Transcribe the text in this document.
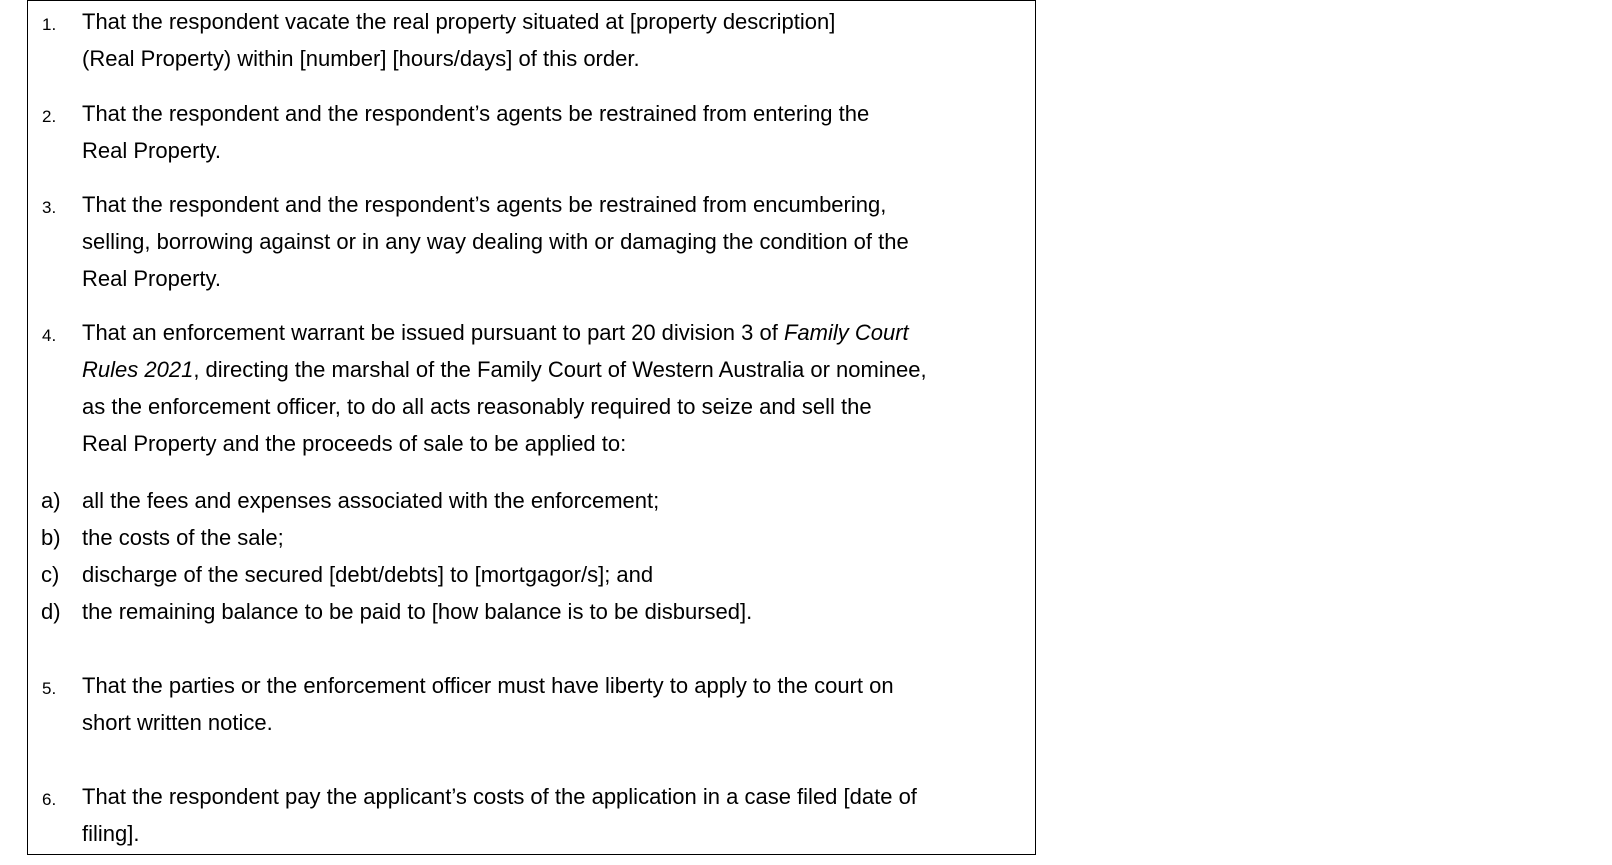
1. That the respondent vacate the real property situated at [property description]
(Real Property) within [number] [hours/days] of this order.
2. That the respondent and the respondent’s agents be restrained from entering the
Real Property.
3. That the respondent and the respondent’s agents be restrained from encumbering,
selling, borrowing against or in any way dealing with or damaging the condition of the
Real Property.
4. That an enforcement warrant be issued pursuant to part 20 division 3 of Family Court
Rules 2021, directing the marshal of the Family Court of Western Australia or nominee,
as the enforcement officer, to do all acts reasonably required to seize and sell the
Real Property and the proceeds of sale to be applied to:
a) all the fees and expenses associated with the enforcement;
b) the costs of the sale;
c) discharge of the secured [debt/debts] to [mortgagor/s]; and
d) the remaining balance to be paid to [how balance is to be disbursed].
5. That the parties or the enforcement officer must have liberty to apply to the court on
short written notice.
6. That the respondent pay the applicant’s costs of the application in a case filed [date of
filing].
